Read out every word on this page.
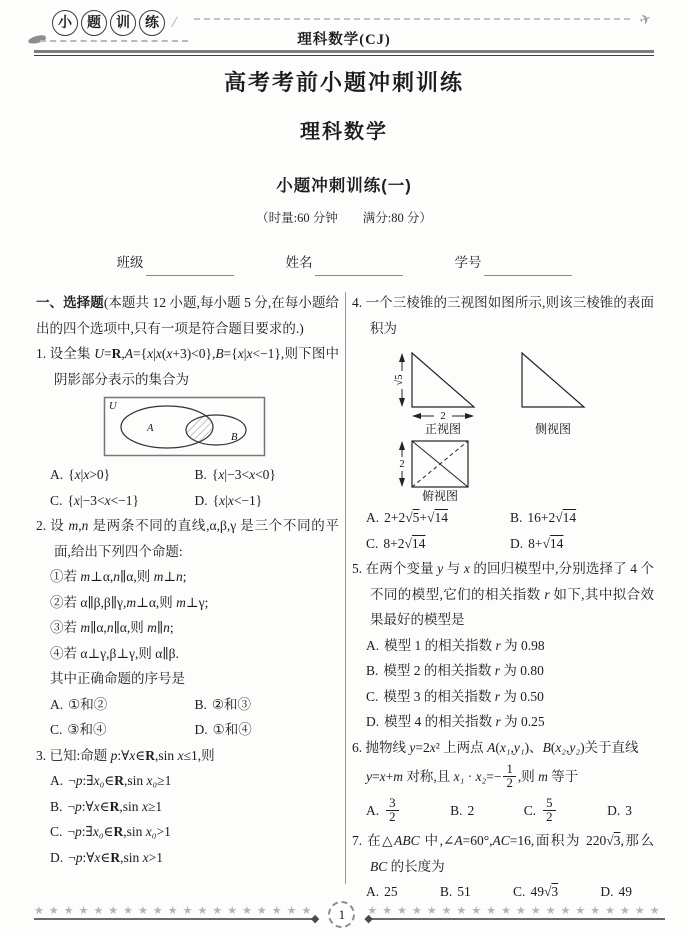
小	题	训	练 /	✈
理科数学(CJ)
高考考前小题冲刺训练
理科数学
小题冲刺训练(一)
（时量:60 分钟　　满分:80 分）
班级	姓名	学号

一、选择题(本题共 12 小题,每小题 5 分,在每小题给出的四个选项中,只有一项是符合题目要求的.)

1. 设全集 U=R,A={x|x(x+3)<0},B={x|x<−1},则下图中阴影部分表示的集合为

U
A
B
A. {x|x>0}	B. {x|−3<x<0}
C. {x|−3<x<−1}	D. {x|x<−1}

2. 设 m,n 是两条不同的直线,α,β,γ 是三个不同的平面,给出下列四个命题:

①若 m⊥α,n∥α,则 m⊥n;

②若 α∥β,β∥γ,m⊥α,则 m⊥γ;

③若 m∥α,n∥α,则 m∥n;

④若 α⊥γ,β⊥γ,则 α∥β.

其中正确命题的序号是

A. ①和②	B. ②和③
C. ③和④	D. ①和④

3. 已知:命题 p:∀x∈R,sin x≤1,则

A. ¬p:∃x₀∈R,sin x₀≥1

B. ¬p:∀x∈R,sin x≥1

C. ¬p:∃x₀∈R,sin x₀>1

D. ¬p:∀x∈R,sin x>1

4. 一个三棱锥的三视图如图所示,则该三棱锥的表面积为

√5
2
正视图	侧视图
2
俯视图
A. 2+2√5+√14	B. 16+2√14
C. 8+2√14	D. 8+√14

5. 在两个变量 y 与 x 的回归模型中,分别选择了 4 个不同的模型,它们的相关指数 r 如下,其中拟合效果最好的模型是

A. 模型 1 的相关指数 r 为 0.98

B. 模型 2 的相关指数 r 为 0.80

C. 模型 3 的相关指数 r 为 0.50

D. 模型 4 的相关指数 r 为 0.25

6. 抛物线 y=2x² 上两点 A(x₁,y₁)、B(x₂,y₂)关于直线

y=x+m 对称,且 $x_1 \cdot x_2=- \frac{1}{2}$ ,则 m 等于

A. $\frac{3}{2}$	B. 2	C. $\frac{5}{2}$	D. 3

7. 在△ABC 中,∠A=60°,AC=16,面积为 220√3,那么 BC 的长度为

A. 25	B. 51	C. 49√3	D. 49
★★★★★★★★★★★★★★★★★★★
◆	1	★★★★★★★★★★★★★★★★★★★★
◆
